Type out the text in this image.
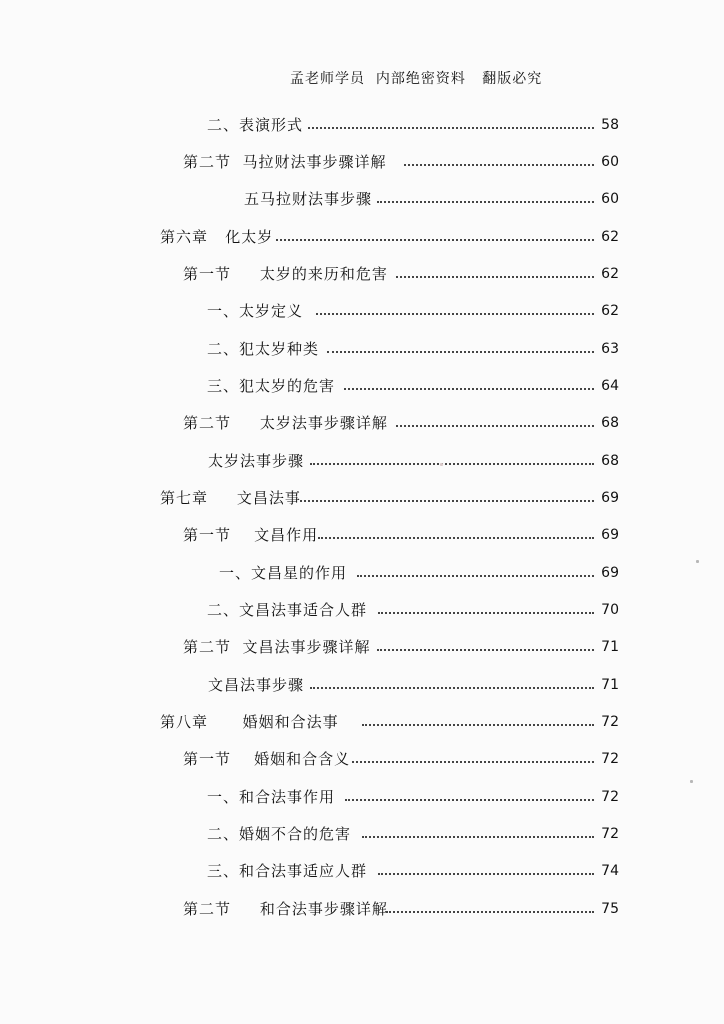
孟老师学员  内部绝密资料   翻版必究
二、表演形式	58
第二节  马拉财法事步骤详解	60
五马拉财法事步骤	60
第六章   化太岁	62
第一节     太岁的来历和危害	62
一、太岁定义	62
二、犯太岁种类	63
三、犯太岁的危害	64
第二节     太岁法事步骤详解	68
太岁法事步骤	68
第七章     文昌法事	69
第一节    文昌作用	69
一、文昌星的作用	69
二、文昌法事适合人群	70
第二节  文昌法事步骤详解	71
文昌法事步骤	71
第八章      婚姻和合法事	72
第一节    婚姻和合含义	72
一、和合法事作用	72
二、婚姻不合的危害	72
三、和合法事适应人群	74
第二节     和合法事步骤详解	75
